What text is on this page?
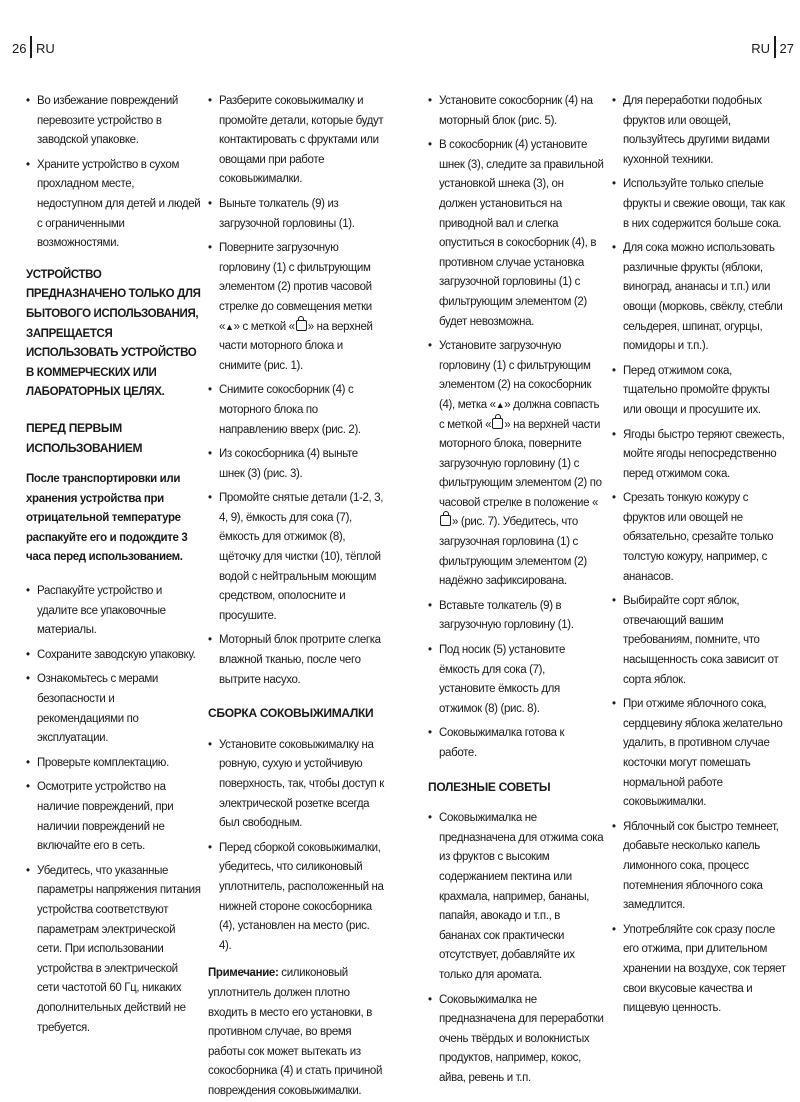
26 RU	RU 27
• Во избежание повреждений перевозите устройство в заводской упаковке.
• Храните устройство в сухом прохладном месте, недоступном для детей и людей с ограниченными возможностями.
УСТРОЙСТВО ПРЕДНАЗНАЧЕНО ТОЛЬКО ДЛЯ БЫТОВОГО ИСПОЛЬЗОВАНИЯ, ЗАПРЕЩАЕТСЯ ИСПОЛЬЗОВАТЬ УСТРОЙСТВО В КОММЕРЧЕСКИХ ИЛИ ЛАБОРАТОРНЫХ ЦЕЛЯХ.
ПЕРЕД ПЕРВЫМ ИСПОЛЬЗОВАНИЕМ
После транспортировки или хранения устройства при отрицательной температуре распакуйте его и подождите 3 часа перед использованием.
• Распакуйте устройство и удалите все упаковочные материалы.
• Сохраните заводскую упаковку.
• Ознакомьтесь с мерами безопасности и рекомендациями по эксплуатации.
• Проверьте комплектацию.
• Осмотрите устройство на наличие повреждений, при наличии повреждений не включайте его в сеть.
• Убедитесь, что указанные параметры напряжения питания устройства соответствуют параметрам электрической сети. При использовании устройства в электрической сети частотой 60 Гц, никаких дополнительных действий не требуется.
• Разберите соковыжималку и промойте детали, которые будут контактировать с фруктами или овощами при работе соковыжималки.
• Выньте толкатель (9) из загрузочной горловины (1).
• Поверните загрузочную горловину (1) с фильтрующим элементом (2) против часовой стрелке до совмещения метки «▲» с меткой « » на верхней части моторного блока и снимите (рис. 1).
• Снимите сокосборник (4) с моторного блока по направлению вверх (рис. 2).
• Из сокосборника (4) выньте шнек (3) (рис. 3).
• Промойте снятые детали (1-2, 3, 4, 9), ёмкость для сока (7), ёмкость для отжимок (8), щёточку для чистки (10), тёплой водой с нейтральным моющим средством, ополосните и просушите.
• Моторный блок протрите слегка влажной тканью, после чего вытрите насухо.
СБОРКА СОКОВЫЖИМАЛКИ
• Установите соковыжималку на ровную, сухую и устойчивую поверхность, так, чтобы доступ к электрической розетке всегда был свободным.
• Перед сборкой соковыжималки, убедитесь, что силиконовый уплотнитель, расположенный на нижней стороне сокосборника (4), установлен на место (рис. 4).
Примечание: силиконовый уплотнитель должен плотно входить в место его установки, в противном случае, во время работы сок может вытекать из сокосборника (4) и стать причиной повреждения соковыжималки.
• Установите сокосборник (4) на моторный блок (рис. 5).
• В сокосборник (4) установите шнек (3), следите за правильной установкой шнека (3), он должен установиться на приводной вал и слегка опуститься в сокосборник (4), в противном случае установка загрузочной горловины (1) с фильтрующим элементом (2) будет невозможна.
• Установите загрузочную горловину (1) с фильтрующим элементом (2) на сокосборник (4), метка «▲» должна совпасть с меткой « » на верхней части моторного блока, поверните загрузочную горловину (1) с фильтрующим элементом (2) по часовой стрелке в положение «» (рис. 7). Убедитесь, что загрузочная горловина (1) с фильтрующим элементом (2) надёжно зафиксирована.
• Вставьте толкатель (9) в загрузочную горловину (1).
• Под носик (5) установите ёмкость для сока (7), установите ёмкость для отжимок (8) (рис. 8).
• Соковыжималка готова к работе.
ПОЛЕЗНЫЕ СОВЕТЫ
• Соковыжималка не предназначена для отжима сока из фруктов с высоким содержанием пектина или крахмала, например, бананы, папайя, авокадо и т.п., в бананах сок практически отсутствует, добавляйте их только для аромата.
• Соковыжималка не предназначена для переработки очень твёрдых и волокнистых продуктов, например, кокос, айва, ревень и т.п.
• Для переработки подобных фруктов или овощей, пользуйтесь другими видами кухонной техники.
• Используйте только спелые фрукты и свежие овощи, так как в них содержится больше сока.
• Для сока можно использовать различные фрукты (яблоки, виноград, ананасы и т.п.) или овощи (морковь, свёклу, стебли сельдерея, шпинат, огурцы, помидоры и т.п.).
• Перед отжимом сока, тщательно промойте фрукты или овощи и просушите их.
• Ягоды быстро теряют свежесть, мойте ягоды непосредственно перед отжимом сока.
• Срезать тонкую кожуру с фруктов или овощей не обязательно, срезайте только толстую кожуру, например, с ананасов.
• Выбирайте сорт яблок, отвечающий вашим требованиям, помните, что насыщенность сока зависит от сорта яблок.
• При отжиме яблочного сока, сердцевину яблока желательно удалить, в противном случае косточки могут помешать нормальной работе соковыжималки.
• Яблочный сок быстро темнеет, добавьте несколько капель лимонного сока, процесс потемнения яблочного сока замедлится.
• Употребляйте сок сразу после его отжима, при длительном хранении на воздухе, сок теряет свои вкусовые качества и пищевую ценность.
